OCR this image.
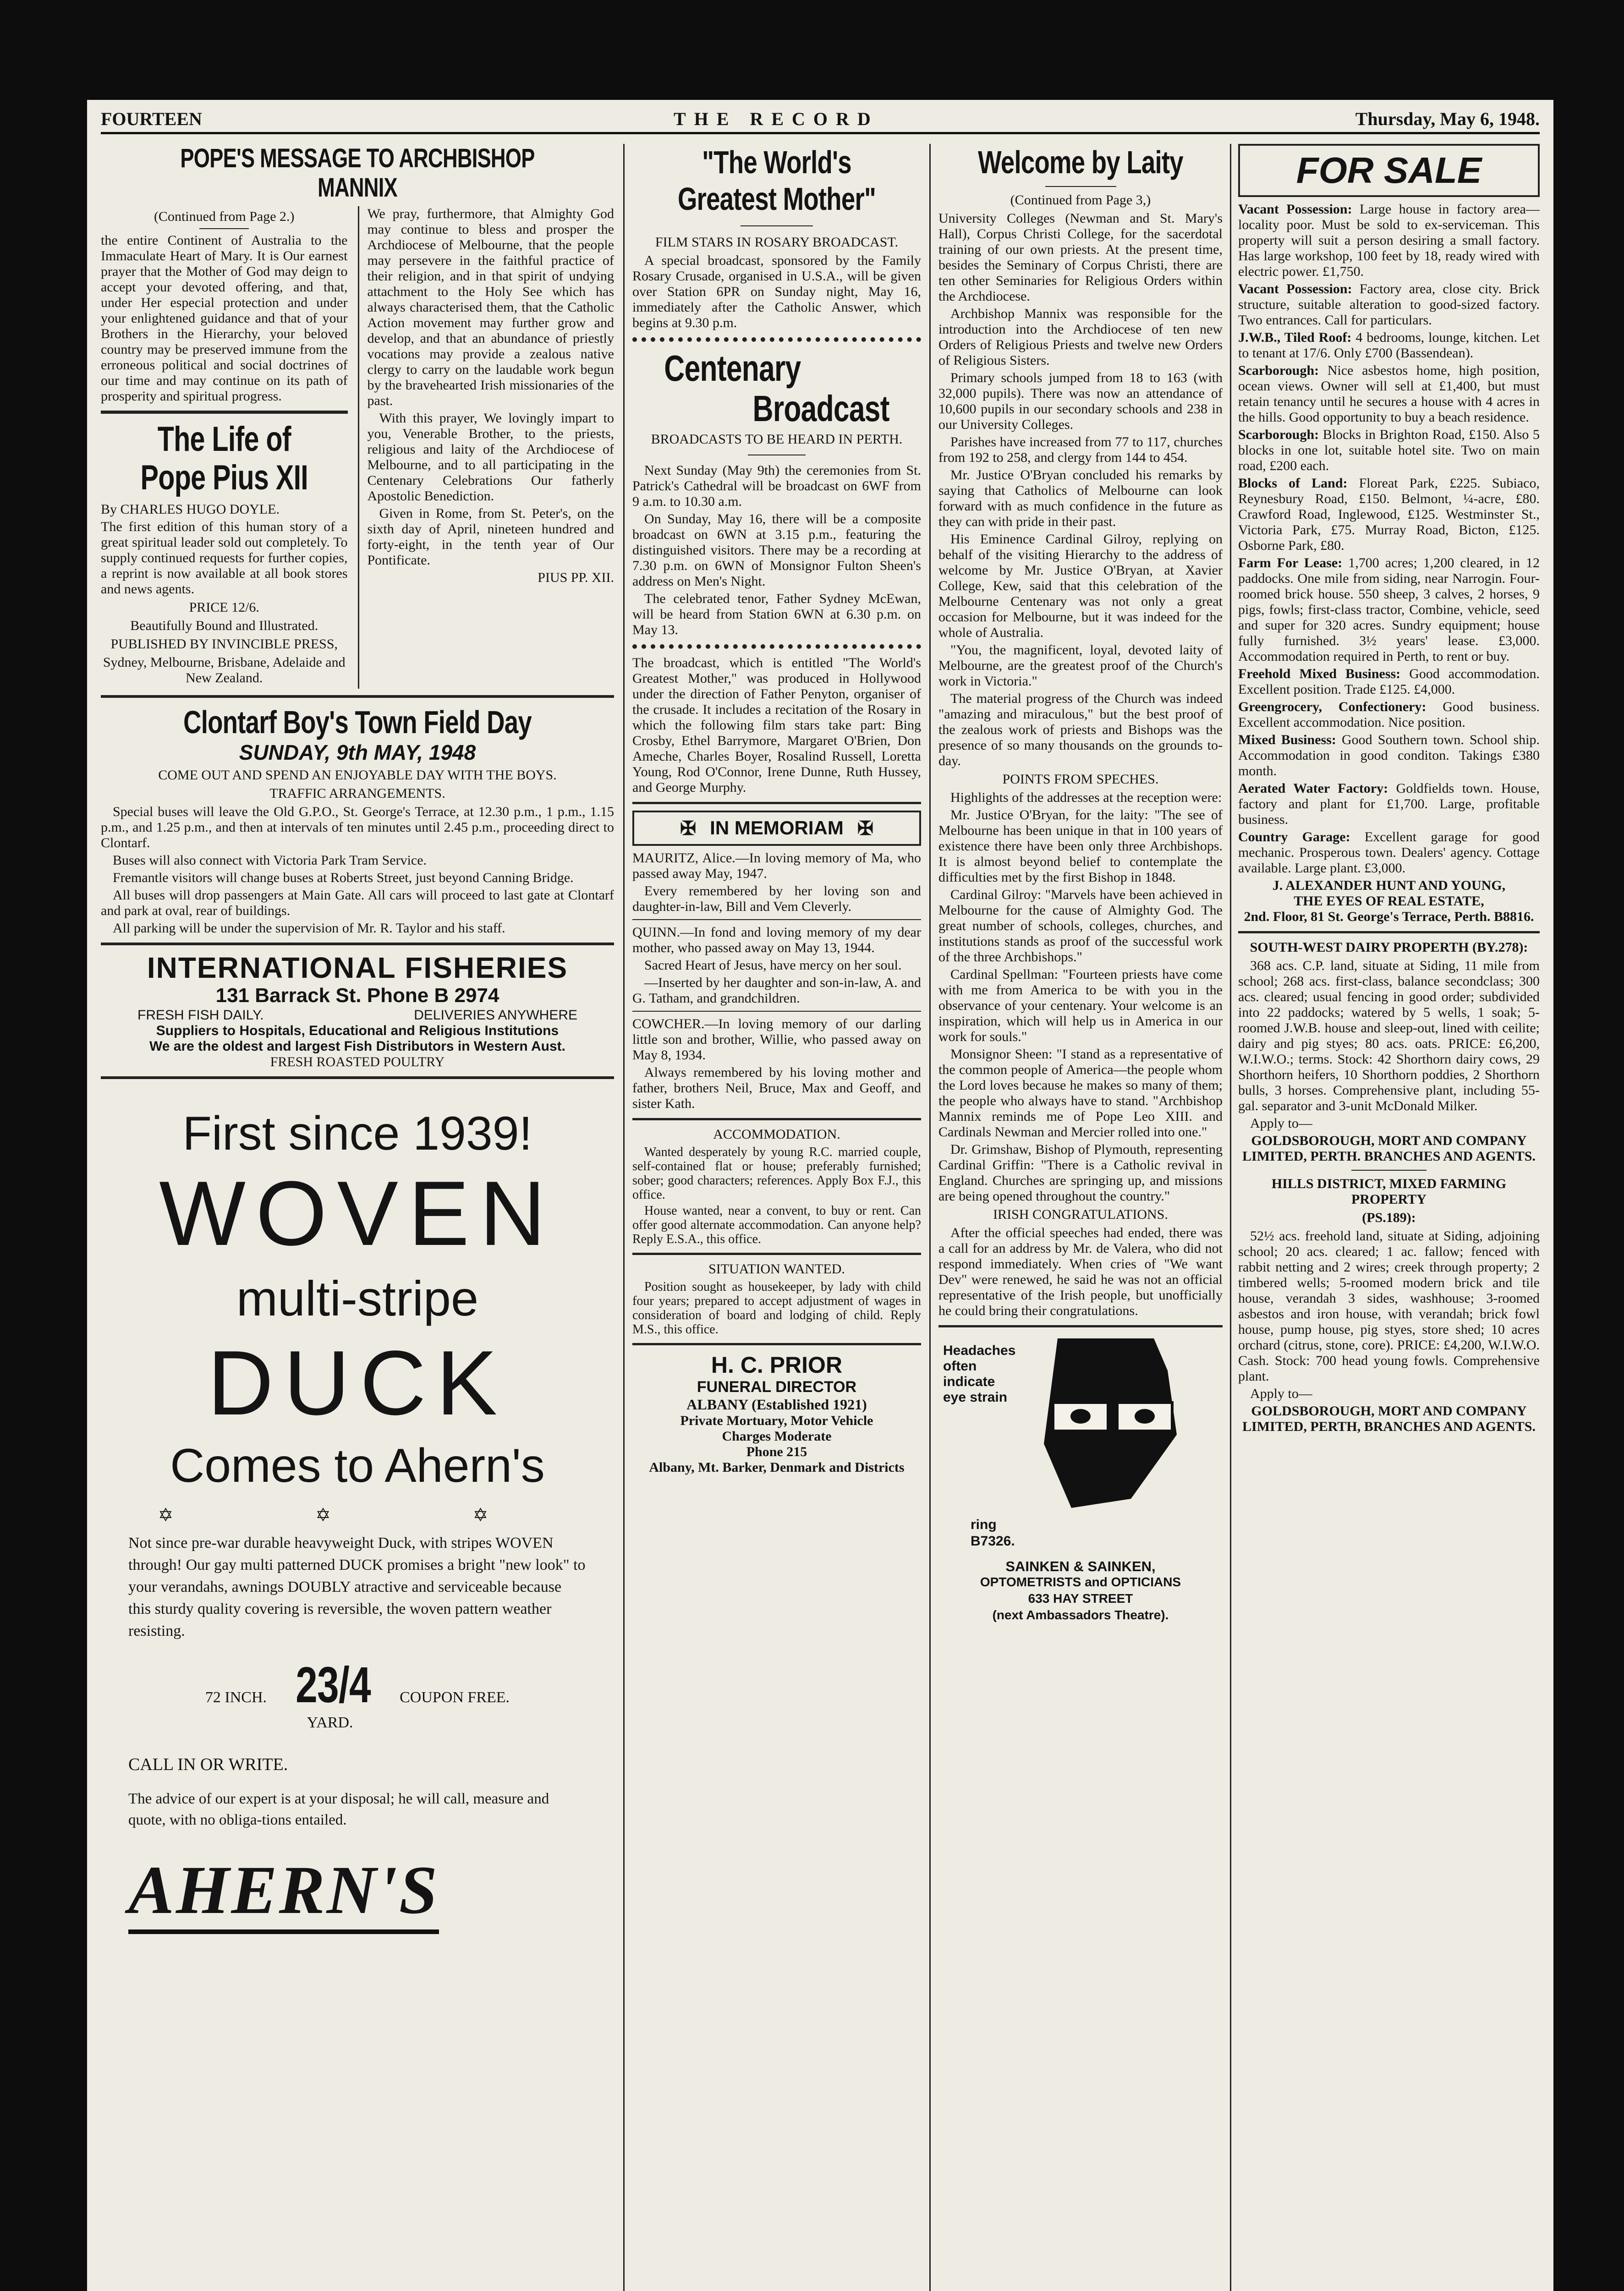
FOURTEEN	THE RECORD	Thursday, May 6, 1948.
POPE'S MESSAGE TO ARCHBISHOP MANNIX
(Continued from Page 2.)

the entire Continent of Australia to the Immaculate Heart of Mary. It is Our earnest prayer that the Mother of God may deign to accept your devoted offering, and that, under Her especial protection and under your enlightened guidance and that of your Brothers in the Hierarchy, your beloved country may be preserved immune from the erroneous political and social doctrines of our time and may continue on its path of prosperity and spiritual progress.

The Life of
Pope Pius XII

By CHARLES HUGO DOYLE.

The first edition of this human story of a great spiritual leader sold out completely. To supply continued requests for further copies, a reprint is now available at all book stores and news agents.

PRICE 12/6.
Beautifully Bound and Illustrated.
PUBLISHED BY INVINCIBLE PRESS,
Sydney, Melbourne, Brisbane, Adelaide and New Zealand.

We pray, furthermore, that Almighty God may continue to bless and prosper the Archdiocese of Melbourne, that the people may persevere in the faithful practice of their religion, and in that spirit of undying attachment to the Holy See which has always characterised them, that the Catholic Action movement may further grow and develop, and that an abundance of priestly vocations may provide a zealous native clergy to carry on the laudable work begun by the bravehearted Irish missionaries of the past.

With this prayer, We lovingly impart to you, Venerable Brother, to the priests, religious and laity of the Archdiocese of Melbourne, and to all participating in the Centenary Celebrations Our fatherly Apostolic Benediction.

Given in Rome, from St. Peter's, on the sixth day of April, nineteen hundred and forty-eight, in the tenth year of Our Pontificate.

PIUS PP. XII.

Clontarf Boy's Town Field Day
SUNDAY, 9th MAY, 1948
COME OUT AND SPEND AN ENJOYABLE DAY WITH THE BOYS.
TRAFFIC ARRANGEMENTS.

Special buses will leave the Old G.P.O., St. George's Terrace, at 12.30 p.m., 1 p.m., 1.15 p.m., and 1.25 p.m., and then at intervals of ten minutes until 2.45 p.m., proceeding direct to Clontarf.

Buses will also connect with Victoria Park Tram Service.

Fremantle visitors will change buses at Roberts Street, just beyond Canning Bridge.

All buses will drop passengers at Main Gate. All cars will proceed to last gate at Clontarf and park at oval, rear of buildings.

All parking will be under the supervision of Mr. R. Taylor and his staff.

INTERNATIONAL FISHERIES
131 Barrack St. Phone B 2974
FRESH FISH DAILY.	DELIVERIES ANYWHERE
Suppliers to Hospitals, Educational and Religious Institutions
We are the oldest and largest Fish Distributors in Western Aust.
FRESH ROASTED POULTRY
First since 1939!
WOVEN
multi-stripe
DUCK
Comes to Ahern's
✡ ✡ ✡

Not since pre-war durable heavyweight Duck, with stripes WOVEN through! Our gay multi patterned DUCK promises a bright "new look" to your verandahs, awnings DOUBLY atractive and serviceable because this sturdy quality covering is reversible, the woven pattern weather resisting.

72 INCH. 23/4 COUPON FREE.
YARD.
CALL IN OR WRITE.

The advice of our expert is at your disposal; he will call, measure and quote, with no obliga-tions entailed.

AHERN'S
"The World's Greatest Mother"
FILM STARS IN ROSARY BROADCAST.

A special broadcast, sponsored by the Family Rosary Crusade, organised in U.S.A., will be given over Station 6PR on Sunday night, May 16, immediately after the Catholic Answer, which begins at 9.30 p.m.

Centenary
Broadcast
BROADCASTS TO BE HEARD IN PERTH.

Next Sunday (May 9th) the ceremonies from St. Patrick's Cathedral will be broadcast on 6WF from 9 a.m. to 10.30 a.m.

On Sunday, May 16, there will be a composite broadcast on 6WN at 3.15 p.m., featuring the distinguished visitors. There may be a recording at 7.30 p.m. on 6WN of Monsignor Fulton Sheen's address on Men's Night.

The celebrated tenor, Father Sydney McEwan, will be heard from Station 6WN at 6.30 p.m. on May 13.

The broadcast, which is entitled "The World's Greatest Mother," was produced in Hollywood under the direction of Father Penyton, organiser of the crusade. It includes a recitation of the Rosary in which the following film stars take part: Bing Crosby, Ethel Barrymore, Margaret O'Brien, Don Ameche, Charles Boyer, Rosalind Russell, Loretta Young, Rod O'Connor, Irene Dunne, Ruth Hussey, and George Murphy.

✠ IN MEMORIAM ✠

MAURITZ, Alice.—In loving memory of Ma, who passed away May, 1947.

Every remembered by her loving son and daughter-in-law, Bill and Vem Cleverly.

QUINN.—In fond and loving memory of my dear mother, who passed away on May 13, 1944.

Sacred Heart of Jesus, have mercy on her soul.

—Inserted by her daughter and son-in-law, A. and G. Tatham, and grandchildren.

COWCHER.—In loving memory of our darling little son and brother, Willie, who passed away on May 8, 1934.

Always remembered by his loving mother and father, brothers Neil, Bruce, Max and Geoff, and sister Kath.

ACCOMMODATION.

Wanted desperately by young R.C. married couple, self-contained flat or house; preferably furnished; sober; good characters; references. Apply Box F.J., this office.

House wanted, near a convent, to buy or rent. Can offer good alternate accommodation. Can anyone help? Reply E.S.A., this office.

SITUATION WANTED.

Position sought as housekeeper, by lady with child four years; prepared to accept adjustment of wages in consideration of board and lodging of child. Reply M.S., this office.

H. C. PRIOR
FUNERAL DIRECTOR
ALBANY (Established 1921)
Private Mortuary, Motor Vehicle
Charges Moderate
Phone 215
Albany, Mt. Barker, Denmark and Districts
Welcome by Laity
(Continued from Page 3,)

University Colleges (Newman and St. Mary's Hall), Corpus Christi College, for the sacerdotal training of our own priests. At the present time, besides the Seminary of Corpus Christi, there are ten other Seminaries for Religious Orders within the Archdiocese.

Archbishop Mannix was responsible for the introduction into the Archdiocese of ten new Orders of Religious Priests and twelve new Orders of Religious Sisters.

Primary schools jumped from 18 to 163 (with 32,000 pupils). There was now an attendance of 10,600 pupils in our secondary schools and 238 in our University Colleges.

Parishes have increased from 77 to 117, churches from 192 to 258, and clergy from 144 to 454.

Mr. Justice O'Bryan concluded his remarks by saying that Catholics of Melbourne can look forward with as much confidence in the future as they can with pride in their past.

His Eminence Cardinal Gilroy, replying on behalf of the visiting Hierarchy to the address of welcome by Mr. Justice O'Bryan, at Xavier College, Kew, said that this celebration of the Melbourne Centenary was not only a great occasion for Melbourne, but it was indeed for the whole of Australia.

"You, the magnificent, loyal, devoted laity of Melbourne, are the greatest proof of the Church's work in Victoria."

The material progress of the Church was indeed "amazing and miraculous," but the best proof of the zealous work of priests and Bishops was the presence of so many thousands on the grounds to-day.

POINTS FROM SPECHES.

Highlights of the addresses at the reception were:

Mr. Justice O'Bryan, for the laity: "The see of Melbourne has been unique in that in 100 years of existence there have been only three Archbishops. It is almost beyond belief to contemplate the difficulties met by the first Bishop in 1848.

Cardinal Gilroy: "Marvels have been achieved in Melbourne for the cause of Almighty God. The great number of schools, colleges, churches, and institutions stands as proof of the successful work of the three Archbishops."

Cardinal Spellman: "Fourteen priests have come with me from America to be with you in the observance of your centenary. Your welcome is an inspiration, which will help us in America in our work for souls."

Monsignor Sheen: "I stand as a representative of the common people of America—the people whom the Lord loves because he makes so many of them; the people who always have to stand. "Archbishop Mannix reminds me of Pope Leo XIII. and Cardinals Newman and Mercier rolled into one."

Dr. Grimshaw, Bishop of Plymouth, representing Cardinal Griffin: "There is a Catholic revival in England. Churches are springing up, and missions are being opened throughout the country."

IRISH CONGRATULATIONS.

After the official speeches had ended, there was a call for an address by Mr. de Valera, who did not respond immediately. When cries of "We want Dev" were renewed, he said he was not an official representative of the Irish people, but unofficially he could bring their congratulations.

Headaches often indicate eye strain
ring
B7326.
SAINKEN & SAINKEN,
OPTOMETRISTS and OPTICIANS
633 HAY STREET
(next Ambassadors Theatre).
FOR SALE

Vacant Possession: Large house in factory area—locality poor. Must be sold to ex-serviceman. This property will suit a person desiring a small factory. Has large workshop, 100 feet by 18, ready wired with electric power. £1,750.

Vacant Possession: Factory area, close city. Brick structure, suitable alteration to good-sized factory. Two entrances. Call for particulars.

J.W.B., Tiled Roof: 4 bedrooms, lounge, kitchen. Let to tenant at 17/6. Only £700 (Bassendean).

Scarborough: Nice asbestos home, high position, ocean views. Owner will sell at £1,400, but must retain tenancy until he secures a house with 4 acres in the hills. Good opportunity to buy a beach residence.

Scarborough: Blocks in Brighton Road, £150. Also 5 blocks in one lot, suitable hotel site. Two on main road, £200 each.

Blocks of Land: Floreat Park, £225. Subiaco, Reynesbury Road, £150. Belmont, ¼-acre, £80. Crawford Road, Inglewood, £125. Westminster St., Victoria Park, £75. Murray Road, Bicton, £125. Osborne Park, £80.

Farm For Lease: 1,700 acres; 1,200 cleared, in 12 paddocks. One mile from siding, near Narrogin. Four-roomed brick house. 550 sheep, 3 calves, 2 horses, 9 pigs, fowls; first-class tractor, Combine, vehicle, seed and super for 320 acres. Sundry equipment; house fully furnished. 3½ years' lease. £3,000. Accommodation required in Perth, to rent or buy.

Freehold Mixed Business: Good accommodation. Excellent position. Trade £125. £4,000.

Greengrocery, Confectionery: Good business. Excellent accommodation. Nice position.

Mixed Business: Good Southern town. School ship. Accommodation in good conditon. Takings £380 month.

Aerated Water Factory: Goldfields town. House, factory and plant for £1,700. Large, profitable business.

Country Garage: Excellent garage for good mechanic. Prosperous town. Dealers' agency. Cottage available. Large plant. £3,000.

J. ALEXANDER HUNT AND YOUNG,
THE EYES OF REAL ESTATE,
2nd. Floor, 81 St. George's Terrace, Perth. B8816.
SOUTH-WEST DAIRY PROPERTH (BY.278):

368 acs. C.P. land, situate at Siding, 11 mile from school; 268 acs. first-class, balance secondclass; 300 acs. cleared; usual fencing in good order; subdivided into 22 paddocks; watered by 5 wells, 1 soak; 5-roomed J.W.B. house and sleep-out, lined with ceilite; dairy and pig styes; 80 acs. oats. PRICE: £6,200, W.I.W.O.; terms. Stock: 42 Shorthorn dairy cows, 29 Shorthorn heifers, 10 Shorthorn poddies, 2 Shorthorn bulls, 3 horses. Comprehensive plant, including 55-gal. separator and 3-unit McDonald Milker.

Apply to—

GOLDSBOROUGH, MORT AND COMPANY LIMITED, PERTH. BRANCHES AND AGENTS.
HILLS DISTRICT, MIXED FARMING PROPERTY
(PS.189):

52½ acs. freehold land, situate at Siding, adjoining school; 20 acs. cleared; 1 ac. fallow; fenced with rabbit netting and 2 wires; creek through property; 2 timbered wells; 5-roomed modern brick and tile house, verandah 3 sides, washhouse; 3-roomed asbestos and iron house, with verandah; brick fowl house, pump house, pig styes, store shed; 10 acres orchard (citrus, stone, core). PRICE: £4,200, W.I.W.O. Cash. Stock: 700 head young fowls. Comprehensive plant.

Apply to—

GOLDSBOROUGH, MORT AND COMPANY LIMITED, PERTH, BRANCHES AND AGENTS.
